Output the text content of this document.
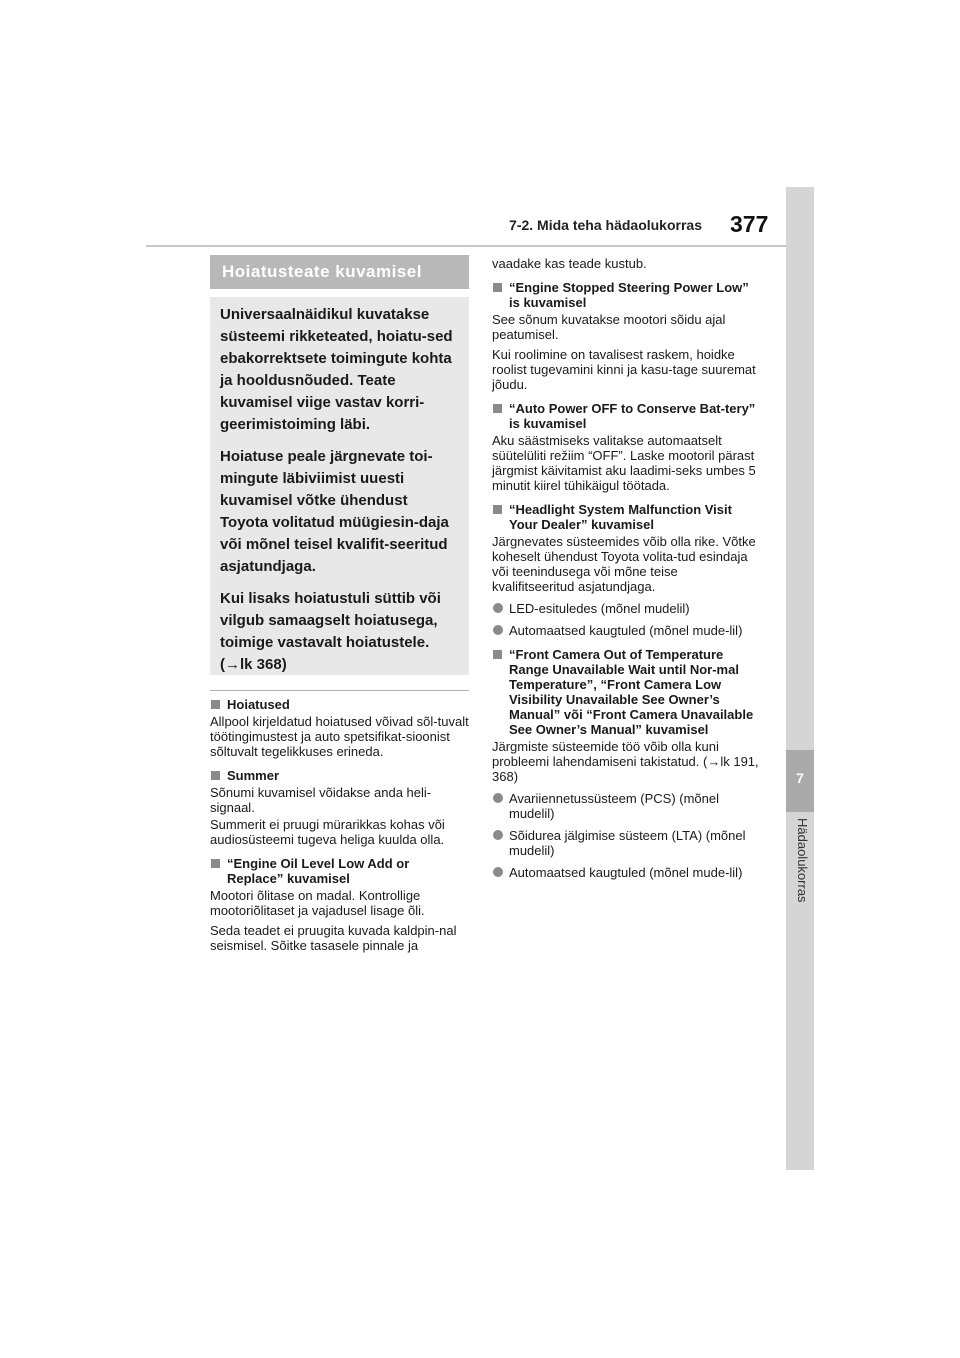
7-2. Mida teha hädaolukorras 377
7
Hädaolukorras
Hoiatusteate kuvamisel

Universaalnäidikul kuvatakse süsteemi rikketeated, hoiatu-sed ebakorrektsete toimingute kohta ja hooldusnõuded. Teate kuvamisel viige vastav korri-geerimistoiming läbi.

Hoiatuse peale järgnevate toi-mingute läbiviimist uuesti kuvamisel võtke ühendust Toyota volitatud müügiesin-daja või mõnel teisel kvalifit-seeritud asjatundjaga.

Kui lisaks hoiatustuli süttib või vilgub samaagselt hoiatusega, toimige vastavalt hoiatustele. (→lk 368)

Hoiatused

Allpool kirjeldatud hoiatused võivad sõl-tuvalt töötingimustest ja auto spetsifikat-sioonist sõltuvalt tegelikkuses erineda.

Summer

Sõnumi kuvamisel võidakse anda heli-signaal.

Summerit ei pruugi mürarikkas kohas või audiosüsteemi tugeva heliga kuulda olla.

“Engine Oil Level Low Add or Replace” kuvamisel

Mootori õlitase on madal. Kontrollige mootoriõlitaset ja vajadusel lisage õli.

Seda teadet ei pruugita kuvada kaldpin-nal seismisel. Sõitke tasasele pinnale ja

vaadake kas teade kustub.

“Engine Stopped Steering Power Low” is kuvamisel

See sõnum kuvatakse mootori sõidu ajal peatumisel.

Kui roolimine on tavalisest raskem, hoidke roolist tugevamini kinni ja kasu-tage suuremat jõudu.

“Auto Power OFF to Conserve Bat-tery” is kuvamisel

Aku säästmiseks valitakse automaatselt süütelüliti režiim “OFF”. Laske mootoril pärast järgmist käivitamist aku laadimi-seks umbes 5 minutit kiirel tühikäigul töötada.

“Headlight System Malfunction Visit Your Dealer” kuvamisel

Järgnevates süsteemides võib olla rike. Võtke koheselt ühendust Toyota volita-tud esindaja või teenindusega või mõne teise kvalifitseeritud asjatundjaga.

LED-esituledes (mõnel mudelil)
Automaatsed kaugtuled (mõnel mude-lil)
“Front Camera Out of Temperature Range Unavailable Wait until Nor-mal Temperature”, “Front Camera Low Visibility Unavailable See Owner’s Manual” või “Front Camera Unavailable See Owner’s Manual” kuvamisel

Järgmiste süsteemide töö võib olla kuni probleemi lahendamiseni takistatud. (→lk 191, 368)

Avariiennetussüsteem (PCS) (mõnel mudelil)
Sõidurea jälgimise süsteem (LTA) (mõnel mudelil)
Automaatsed kaugtuled (mõnel mude-lil)
